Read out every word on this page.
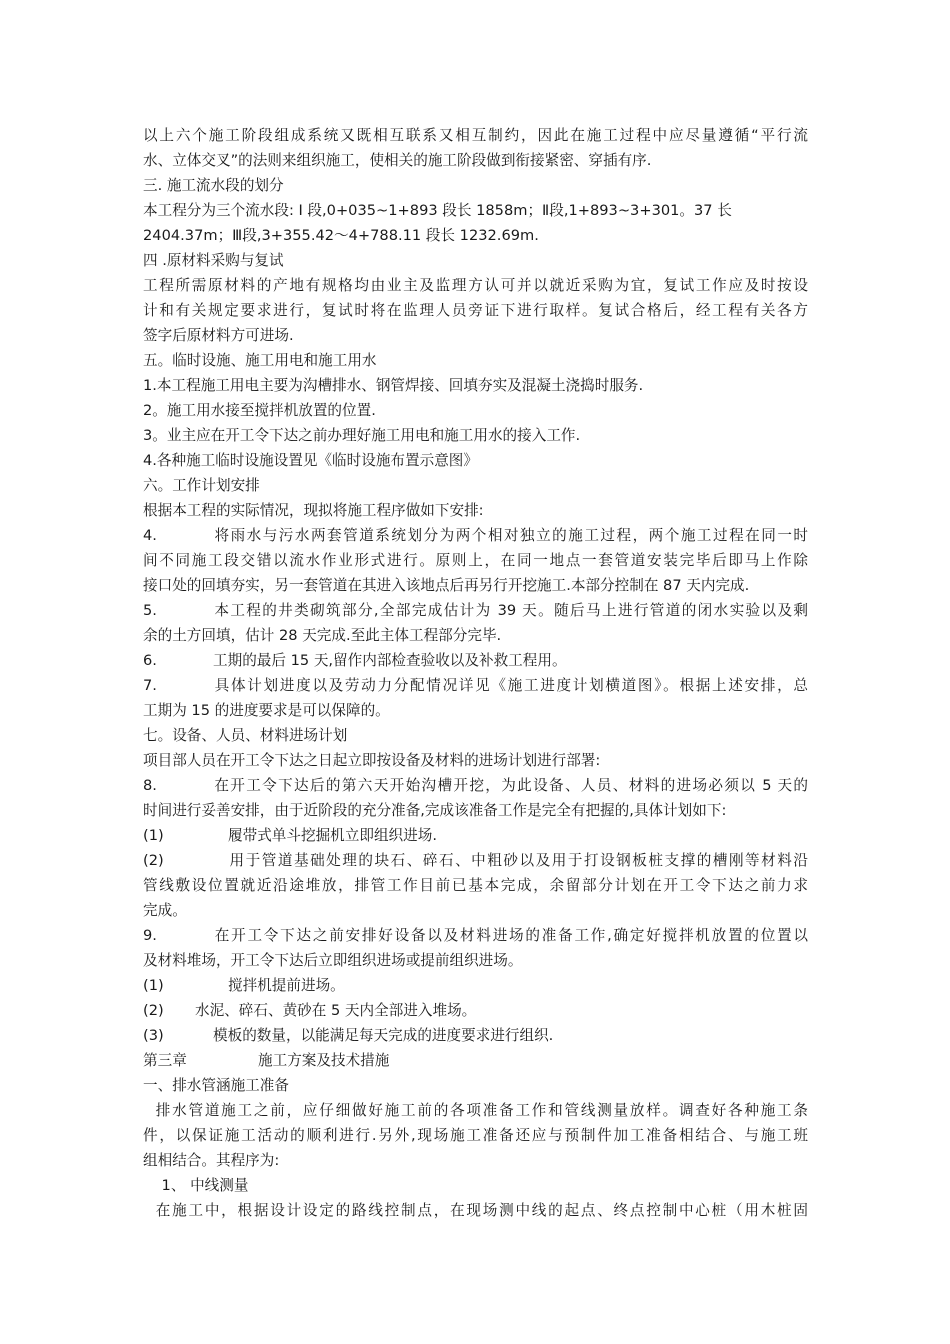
以上六个施工阶段组成系统又既相互联系又相互制约，因此在施工过程中应尽量遵循“平行流
水、立体交叉”的法则来组织施工，使相关的施工阶段做到衔接紧密、穿插有序.
三. 施工流水段的划分
本工程分为三个流水段: Ⅰ 段,0+035~1+893 段长 1858m；Ⅱ段,1+893~3+301。37 长
2404.37m；Ⅲ段,3+355.42～4+788.11 段长 1232.69m.
四 .原材料采购与复试
工程所需原材料的产地有规格均由业主及监理方认可并以就近采购为宜，复试工作应及时按设
计和有关规定要求进行，复试时将在监理人员旁证下进行取样。复试合格后，经工程有关各方
签字后原材料方可进场.
五。临时设施、施工用电和施工用水
1.本工程施工用电主要为沟槽排水、钢管焊接、回填夯实及混凝土浇捣时服务.
2。施工用水接至搅拌机放置的位置.
3。业主应在开工令下达之前办理好施工用电和施工用水的接入工作.
4.各种施工临时设施设置见《临时设施布置示意图》
六。工作计划安排
根据本工程的实际情况，现拟将施工程序做如下安排:
4.	将雨水与污水两套管道系统划分为两个相对独立的施工过程，两个施工过程在同一时
间不同施工段交错以流水作业形式进行。原则上，在同一地点一套管道安装完毕后即马上作除
接口处的回填夯实，另一套管道在其进入该地点后再另行开挖施工.本部分控制在 87 天内完成.
5.	本工程的井类砌筑部分,全部完成估计为 39 天。随后马上进行管道的闭水实验以及剩
余的土方回填，估计 28 天完成.至此主体工程部分完毕.
6.	工期的最后 15 天,留作内部检查验收以及补救工程用。
7.	具体计划进度以及劳动力分配情况详见《施工进度计划横道图》。根据上述安排，总
工期为 15 的进度要求是可以保障的。
七。设备、人员、材料进场计划
项目部人员在开工令下达之日起立即按设备及材料的进场计划进行部署:
8.	在开工令下达后的第六天开始沟槽开挖，为此设备、人员、材料的进场必须以 5 天的
时间进行妥善安排，由于近阶段的充分准备,完成该准备工作是完全有把握的,具体计划如下:
(1)	履带式单斗挖掘机立即组织进场.
(2)	用于管道基础处理的块石、碎石、中粗砂以及用于打设钢板桩支撑的槽刚等材料沿
管线敷设位置就近沿途堆放，排管工作目前已基本完成，余留部分计划在开工令下达之前力求
完成。
9.	在开工令下达之前安排好设备以及材料进场的准备工作,确定好搅拌机放置的位置以
及材料堆场，开工令下达后立即组织进场或提前组织进场。
(1)	搅拌机提前进场。
(2) 水泥、碎石、黄砂在 5 天内全部进入堆场。
(3)	模板的数量，以能满足每天完成的进度要求进行组织.
第三章	施工方案及技术措施
一、排水管涵施工准备
排水管道施工之前，应仔细做好施工前的各项准备工作和管线测量放样。调查好各种施工条
件，以保证施工活动的顺利进行.另外,现场施工准备还应与预制件加工准备相结合、与施工班
组相结合。其程序为:
1、 中线测量
在施工中，根据设计设定的路线控制点，在现场测中线的起点、终点控制中心桩（用木桩固
